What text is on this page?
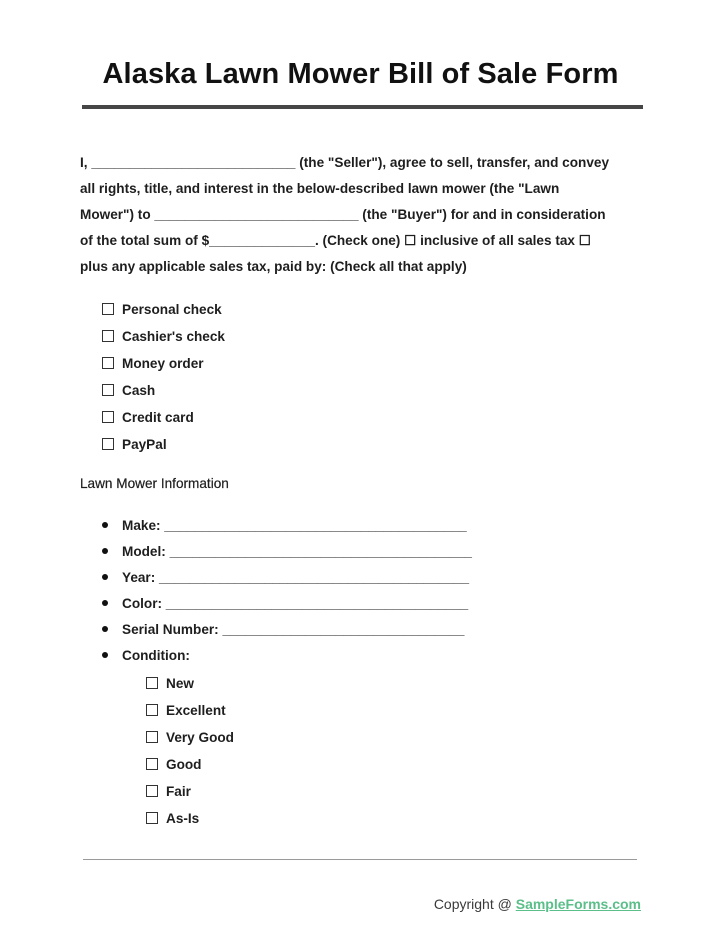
Alaska Lawn Mower Bill of Sale Form

I, ___________________________ (the "Seller"), agree to sell, transfer, and convey
all rights, title, and interest in the below-described lawn mower (the "Lawn
Mower") to ___________________________ (the "Buyer") for and in consideration
of the total sum of $______________. (Check one) ☐ inclusive of all sales tax ☐
plus any applicable sales tax, paid by: (Check all that apply)

Personal check
Cashier's check
Money order
Cash
Credit card
PayPal
Lawn Mower Information
Make: ________________________________________
Model: ________________________________________
Year: _________________________________________
Color: ________________________________________
Serial Number: ________________________________
Condition:
New
Excellent
Very Good
Good
Fair
As-Is
Copyright @ SampleForms.com
